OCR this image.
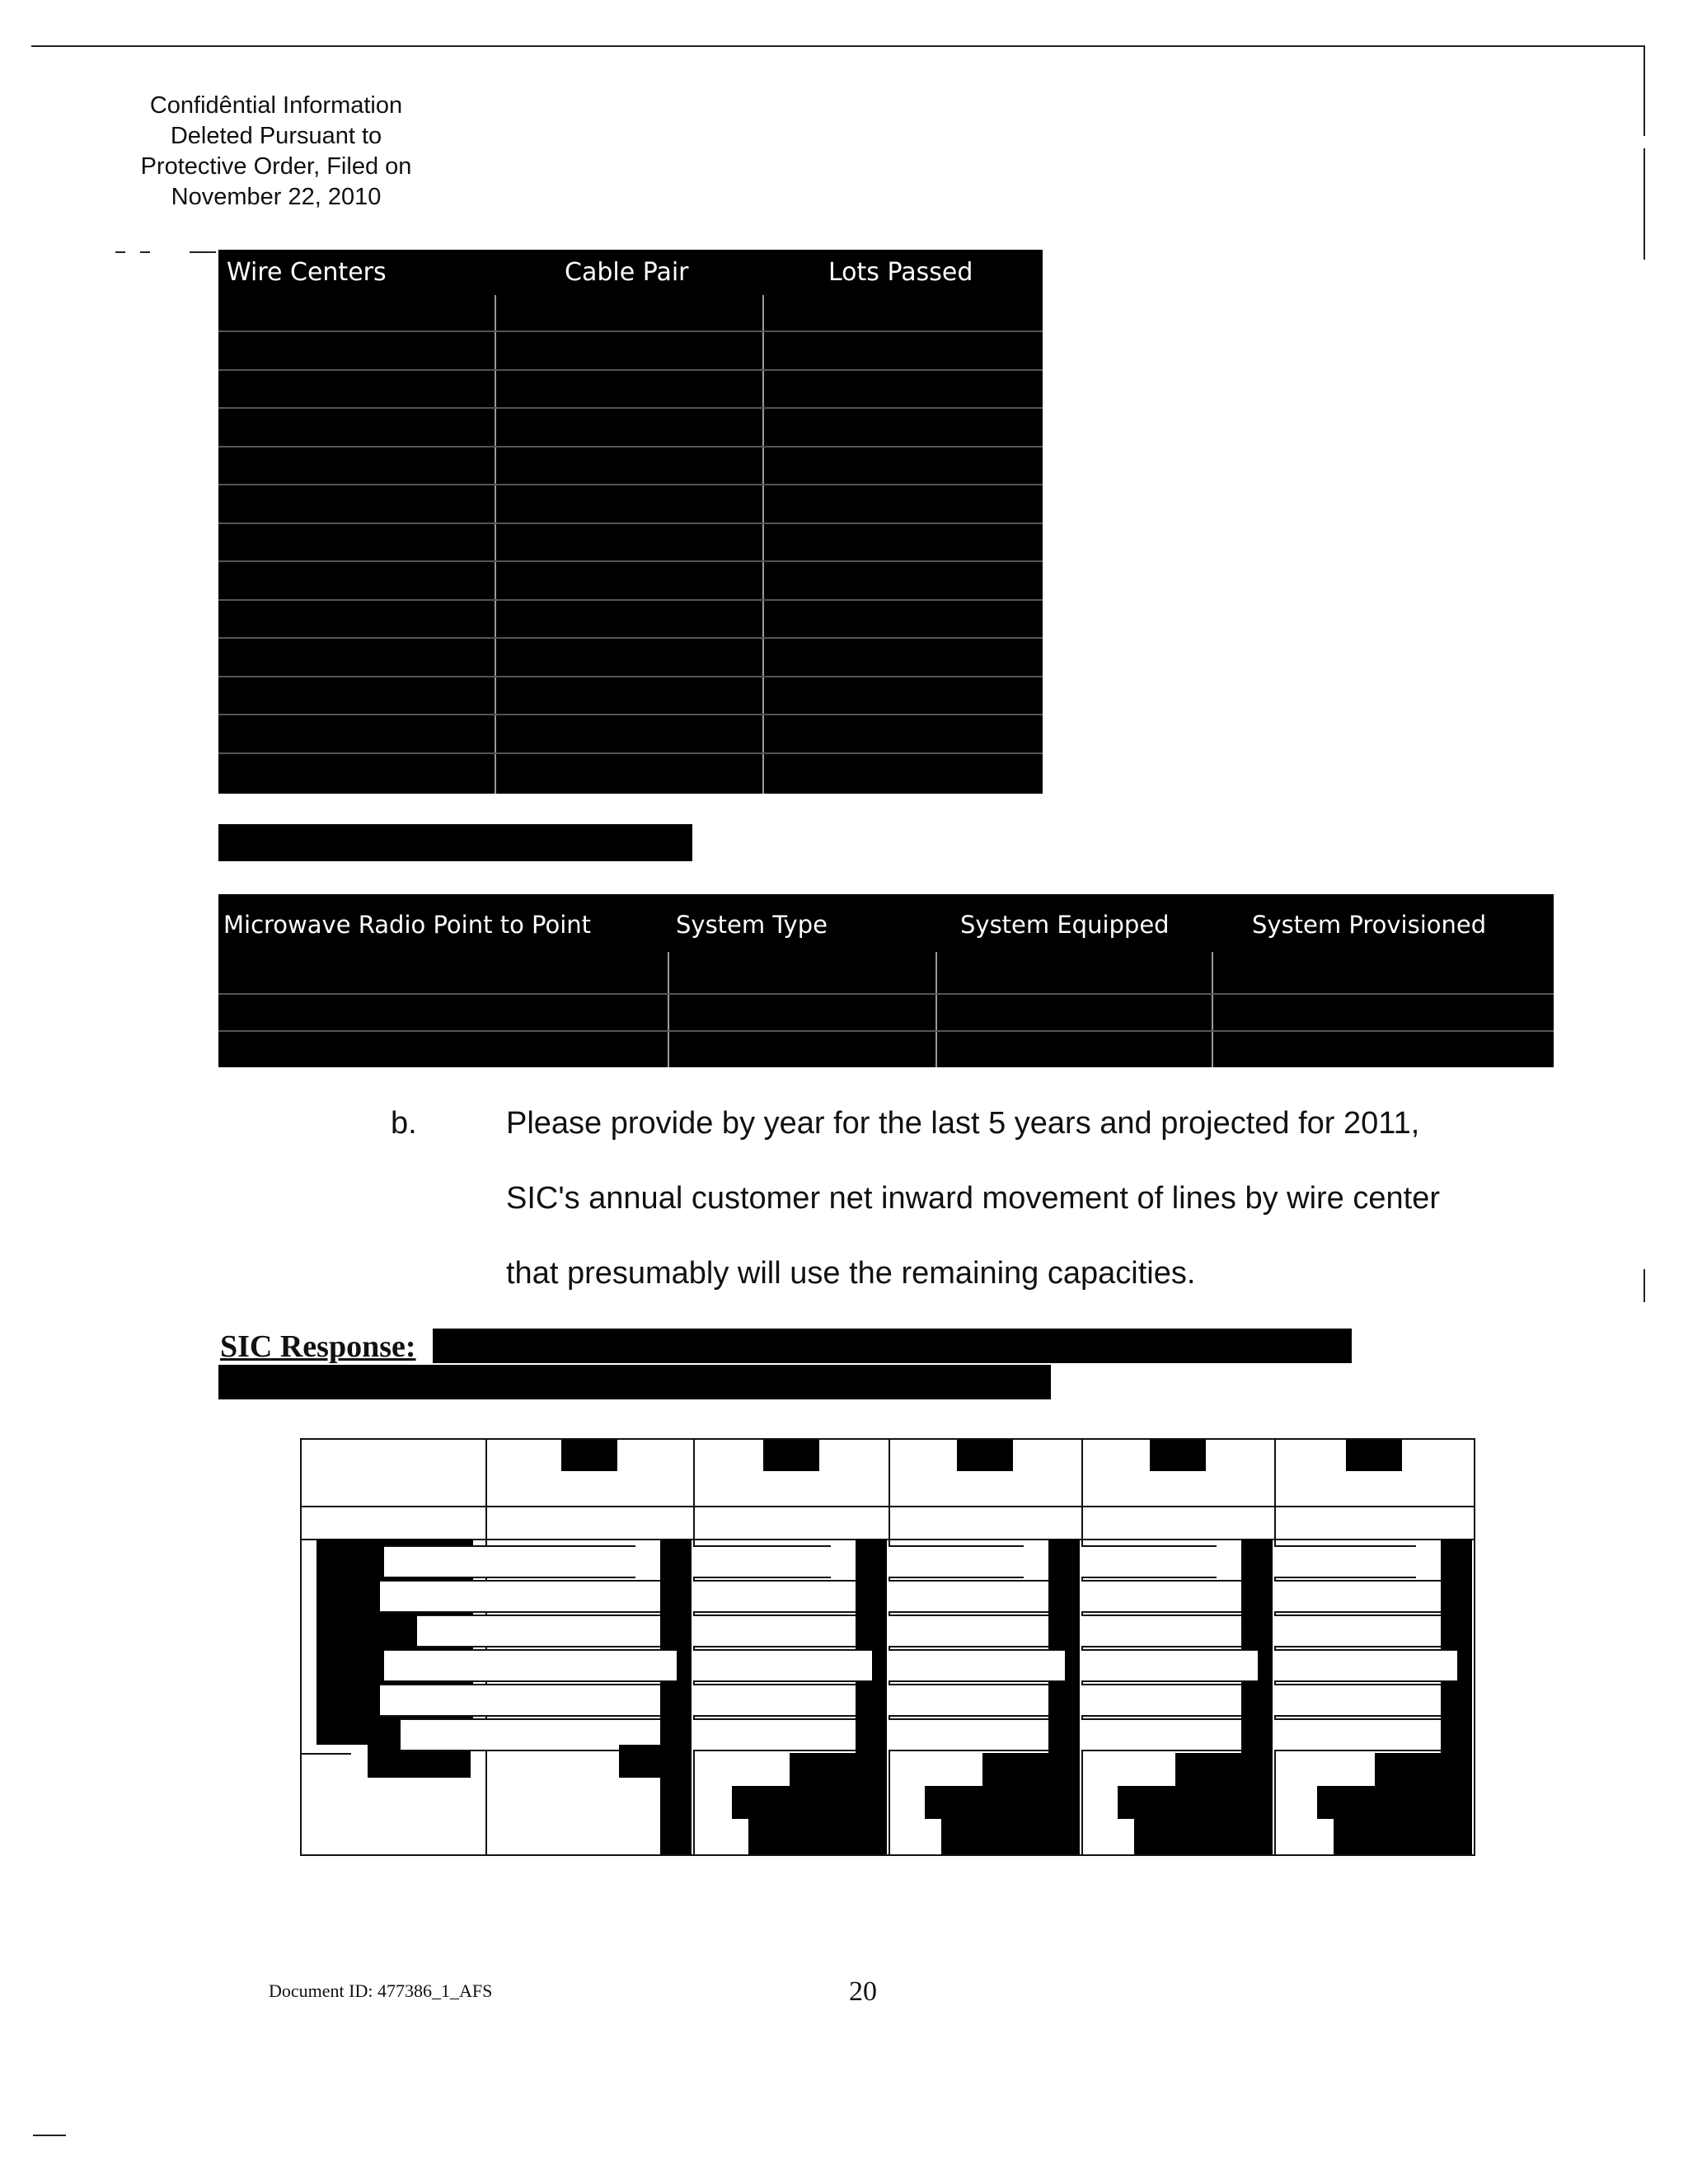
Confidêntial Information
Deleted Pursuant to
Protective Order, Filed on
November 22, 2010
Wire Centers	Cable Pair	Lots Passed
Microwave Radio Point to Point	System Type	System Equipped	System Provisioned
b.	Please provide by year for the last 5 years and projected for 2011,
SIC's annual customer net inward movement of lines by wire center
that presumably will use the remaining capacities.
SIC Response:
Document ID: 477386_1_AFS	20
